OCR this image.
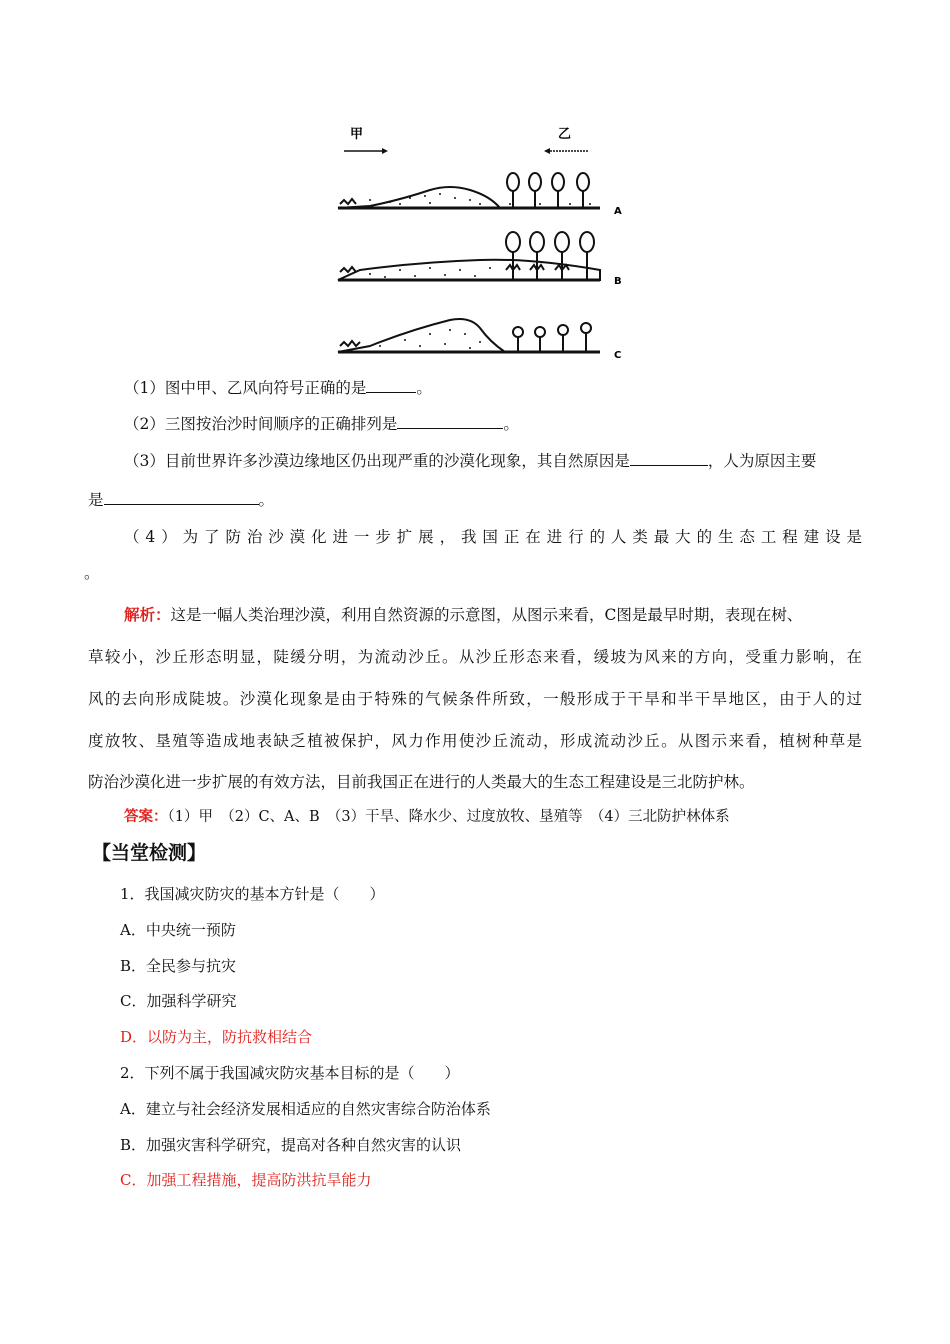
甲	乙
A
B
C
（1）图中甲、乙风向符号正确的是	。
（2）三图按治沙时间顺序的正确排列是	。
（3）目前世界许多沙漠边缘地区仍出现严重的沙漠化现象，其自然原因是	，人为原因主要
是	。
（4）为了防治沙漠化进一步扩展，我国正在进行的人类最大的生态工程建设是
。
解析：这是一幅人类治理沙漠，利用自然资源的示意图，从图示来看，C图是最早时期，表现在树、
草较小，沙丘形态明显，陡缓分明，为流动沙丘。从沙丘形态来看，缓坡为风来的方向，受重力影响，在
风的去向形成陡坡。沙漠化现象是由于特殊的气候条件所致，一般形成于干旱和半干旱地区，由于人的过
度放牧、垦殖等造成地表缺乏植被保护，风力作用使沙丘流动，形成流动沙丘。从图示来看，植树种草是
防治沙漠化进一步扩展的有效方法，目前我国正在进行的人类最大的生态工程建设是三北防护林。
答案：（1）甲　（2）C、A、B　（3）干旱、降水少、过度放牧、垦殖等　（4）三北防护林体系
【当堂检测】
1．我国减灾防灾的基本方针是（　　）
A．中央统一预防
B．全民参与抗灾
C．加强科学研究
D．以防为主，防抗救相结合
2．下列不属于我国减灾防灾基本目标的是（　　）
A．建立与社会经济发展相适应的自然灾害综合防治体系
B．加强灾害科学研究，提高对各种自然灾害的认识
C．加强工程措施，提高防洪抗旱能力
